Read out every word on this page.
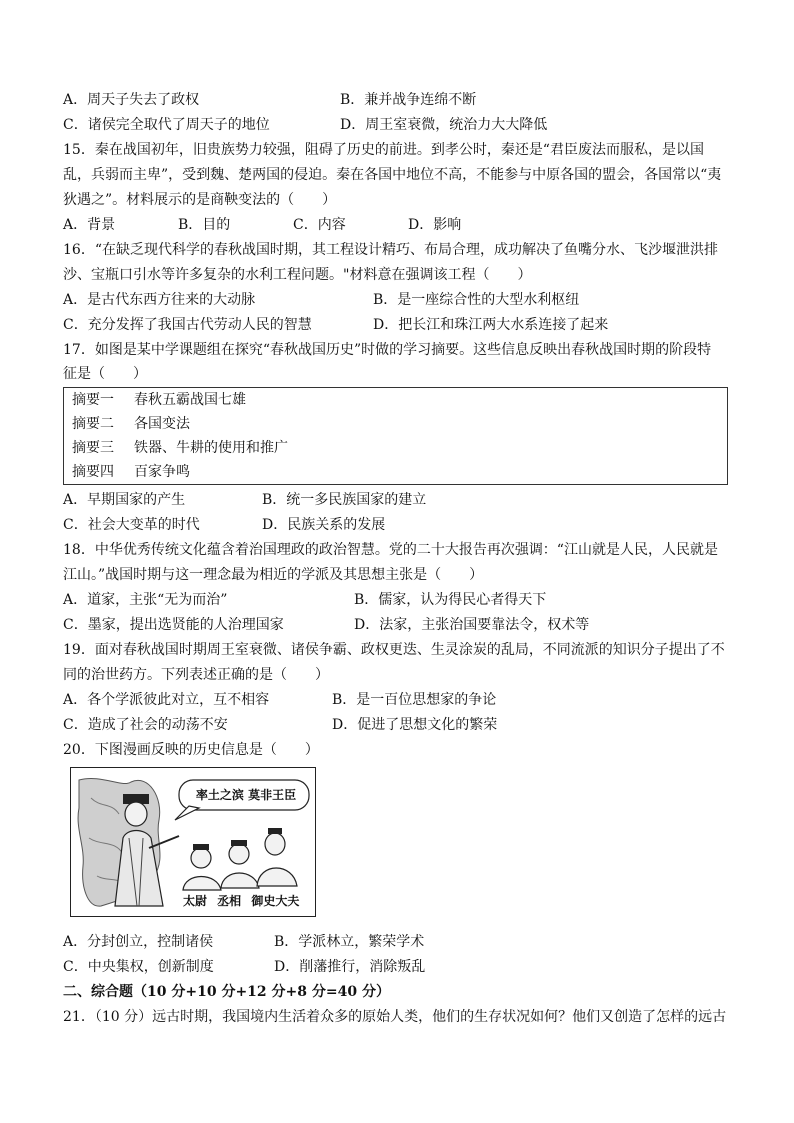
A．周天子失去了政权	B．兼并战争连绵不断
C．诸侯完全取代了周天子的地位	D．周王室衰微，统治力大大降低
15．秦在战国初年，旧贵族势力较强，阻碍了历史的前进。到孝公时，秦还是“君臣废法而服私，是以国
乱，兵弱而主卑”，受到魏、楚两国的侵迫。秦在各国中地位不高，不能参与中原各国的盟会，各国常以“夷
狄遇之”。材料展示的是商鞅变法的（　　）
A．背景	B．目的	C．内容	D．影响
16．“在缺乏现代科学的春秋战国时期，其工程设计精巧、布局合理，成功解决了鱼嘴分水、飞沙堰泄洪排
沙、宝瓶口引水等许多复杂的水利工程问题。"材料意在强调该工程（　　）
A．是古代东西方往来的大动脉	B．是一座综合性的大型水利枢纽
C．充分发挥了我国古代劳动人民的智慧	D．把长江和珠江两大水系连接了起来
17．如图是某中学课题组在探究“春秋战国历史”时做的学习摘要。这些信息反映出春秋战国时期的阶段特
征是（　　）
摘要一 春秋五霸战国七雄
摘要二 各国变法
摘要三 铁器、牛耕的使用和推广
摘要四 百家争鸣
A．早期国家的产生	B．统一多民族国家的建立
C．社会大变革的时代	D．民族关系的发展
18．中华优秀传统文化蕴含着治国理政的政治智慧。党的二十大报告再次强调：“江山就是人民，人民就是
江山。”战国时期与这一理念最为相近的学派及其思想主张是（　　）
A．道家，主张“无为而治”	B．儒家，认为得民心者得天下
C．墨家，提出选贤能的人治理国家	D．法家，主张治国要靠法令，权术等
19．面对春秋战国时期周王室衰微、诸侯争霸、政权更迭、生灵涂炭的乱局，不同流派的知识分子提出了不
同的治世药方。下列表述正确的是（　　）
A．各个学派彼此对立，互不相容	B．是一百位思想家的争论
C．造成了社会的动荡不安	D．促进了思想文化的繁荣
20．下图漫画反映的历史信息是（　　）
率土之滨 莫非王臣
太尉 丞相 御史大夫
A．分封创立，控制诸侯	B．学派林立，繁荣学术
C．中央集权，创新制度	D．削藩推行，消除叛乱
二、综合题（10 分+10 分+12 分+8 分=40 分）
21．（10 分）远古时期，我国境内生活着众多的原始人类，他们的生存状况如何？他们又创造了怎样的远古
